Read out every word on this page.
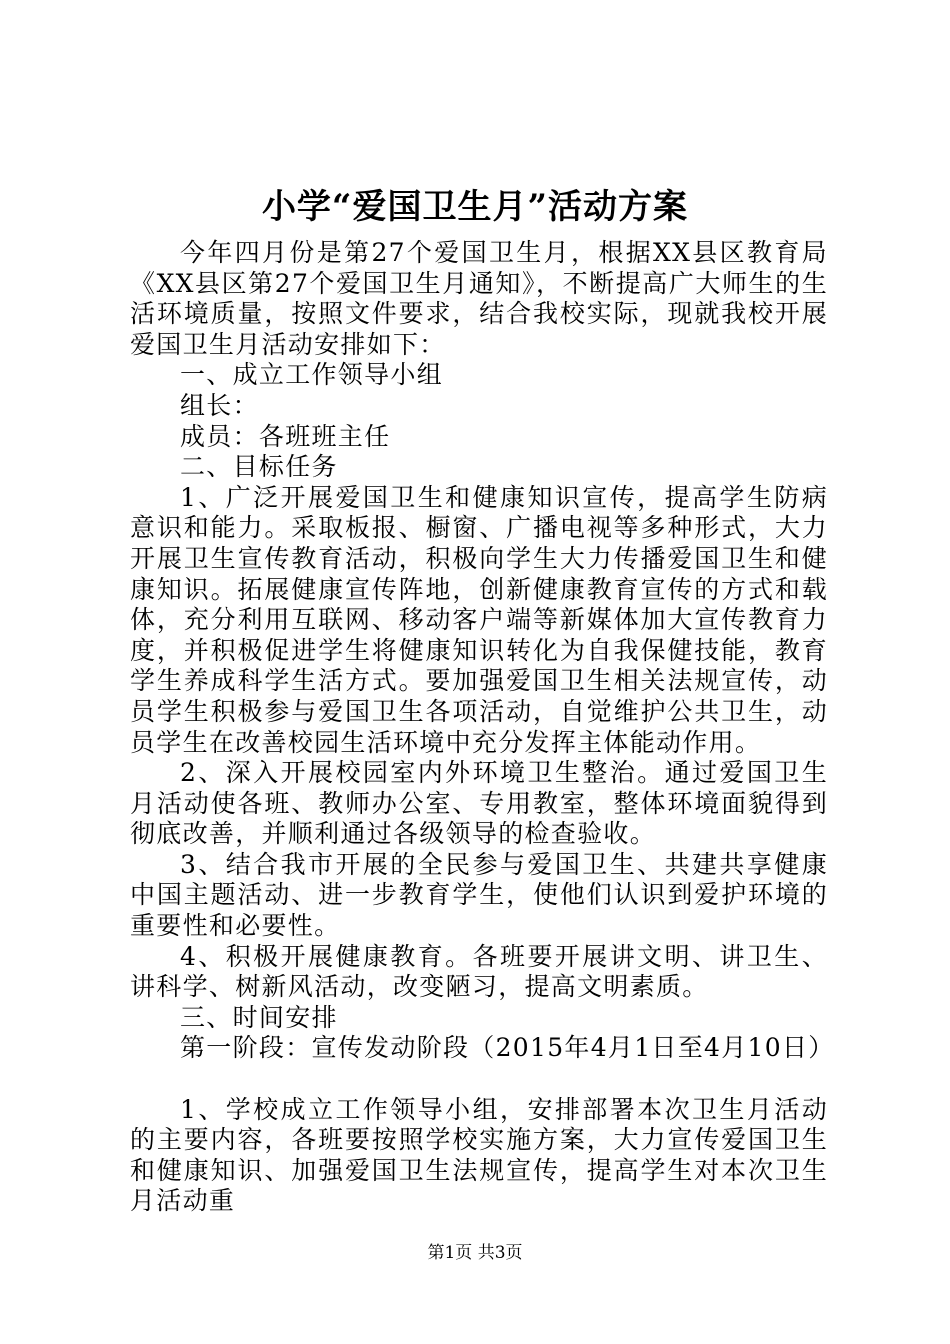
小学“爱国卫生月”活动方案

今年四月份是第27个爱国卫生月，根据XX县区教育局《XX县区第27个爱国卫生月通知》，不断提高广大师生的生活环境质量，按照文件要求，结合我校实际，现就我校开展爱国卫生月活动安排如下：

一、成立工作领导小组

组长：

成员：各班班主任

二、目标任务

1、广泛开展爱国卫生和健康知识宣传，提高学生防病意识和能力。采取板报、橱窗、广播电视等多种形式，大力开展卫生宣传教育活动，积极向学生大力传播爱国卫生和健康知识。拓展健康宣传阵地，创新健康教育宣传的方式和载体，充分利用互联网、移动客户端等新媒体加大宣传教育力度，并积极促进学生将健康知识转化为自我保健技能，教育学生养成科学生活方式。要加强爱国卫生相关法规宣传，动员学生积极参与爱国卫生各项活动，自觉维护公共卫生，动员学生在改善校园生活环境中充分发挥主体能动作用。

2、深入开展校园室内外环境卫生整治。通过爱国卫生月活动使各班、教师办公室、专用教室，整体环境面貌得到彻底改善，并顺利通过各级领导的检查验收。

3、结合我市开展的全民参与爱国卫生、共建共享健康中国主题活动、进一步教育学生，使他们认识到爱护环境的重要性和必要性。

4、积极开展健康教育。各班要开展讲文明、讲卫生、讲科学、树新风活动，改变陋习，提高文明素质。

三、时间安排

第一阶段：宣传发动阶段（2015年4月1日至4月10日）

1、学校成立工作领导小组，安排部署本次卫生月活动的主要内容，各班要按照学校实施方案，大力宣传爱国卫生和健康知识、加强爱国卫生法规宣传，提高学生对本次卫生月活动重

第1页 共3页
